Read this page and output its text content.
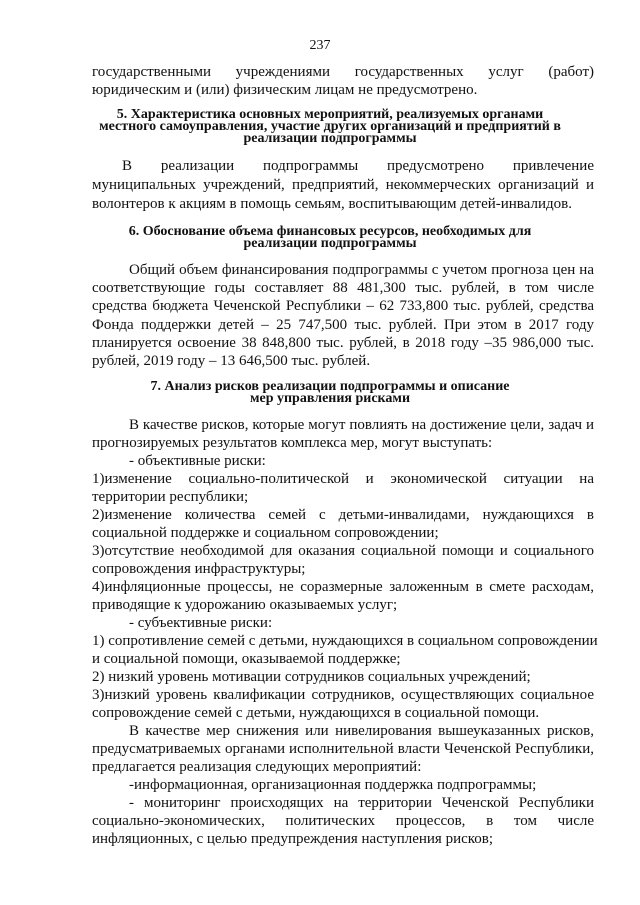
237
государственными учреждениями государственных услуг (работ)
юридическим и (или) физическим лицам не предусмотрено.
5. Характеристика основных мероприятий, реализуемых органами
местного самоуправления, участие других организаций и предприятий в
реализации подпрограммы
В реализации подпрограммы предусмотрено привлечение
муниципальных учреждений, предприятий, некоммерческих организаций и
волонтеров к акциям в помощь семьям, воспитывающим детей-инвалидов.
6. Обоснование объема финансовых ресурсов, необходимых для
реализации подпрограммы
Общий объем финансирования подпрограммы с учетом прогноза цен на
соответствующие годы составляет 88 481,300 тыс. рублей, в том числе
средства бюджета Чеченской Республики – 62 733,800 тыс. рублей, средства
Фонда поддержки детей – 25 747,500 тыс. рублей. При этом в 2017 году
планируется освоение 38 848,800 тыс. рублей, в 2018 году –35 986,000 тыс.
рублей, 2019 году – 13 646,500 тыс. рублей.
7. Анализ рисков реализации подпрограммы и описание
мер управления рисками
В качестве рисков, которые могут повлиять на достижение цели, задач и
прогнозируемых результатов комплекса мер, могут выступать:
- объективные риски:
1)изменение социально-политической и экономической ситуации на
территории республики;
2)изменение количества семей с детьми-инвалидами, нуждающихся в
социальной поддержке и социальном сопровождении;
3)отсутствие необходимой для оказания социальной помощи и социального
сопровождения инфраструктуры;
4)инфляционные процессы, не соразмерные заложенным в смете расходам,
приводящие к удорожанию оказываемых услуг;
- субъективные риски:
1) сопротивление семей с детьми, нуждающихся в социальном сопровождении
и социальной помощи, оказываемой поддержке;
2) низкий уровень мотивации сотрудников социальных учреждений;
3)низкий уровень квалификации сотрудников, осуществляющих социальное
сопровождение семей с детьми, нуждающихся в социальной помощи.
В качестве мер снижения или нивелирования вышеуказанных рисков,
предусматриваемых органами исполнительной власти Чеченской Республики,
предлагается реализация следующих мероприятий:
-информационная, организационная поддержка подпрограммы;
- мониторинг происходящих на территории Чеченской Республики
социально-экономических, политических процессов, в том числе
инфляционных, с целью предупреждения наступления рисков;
